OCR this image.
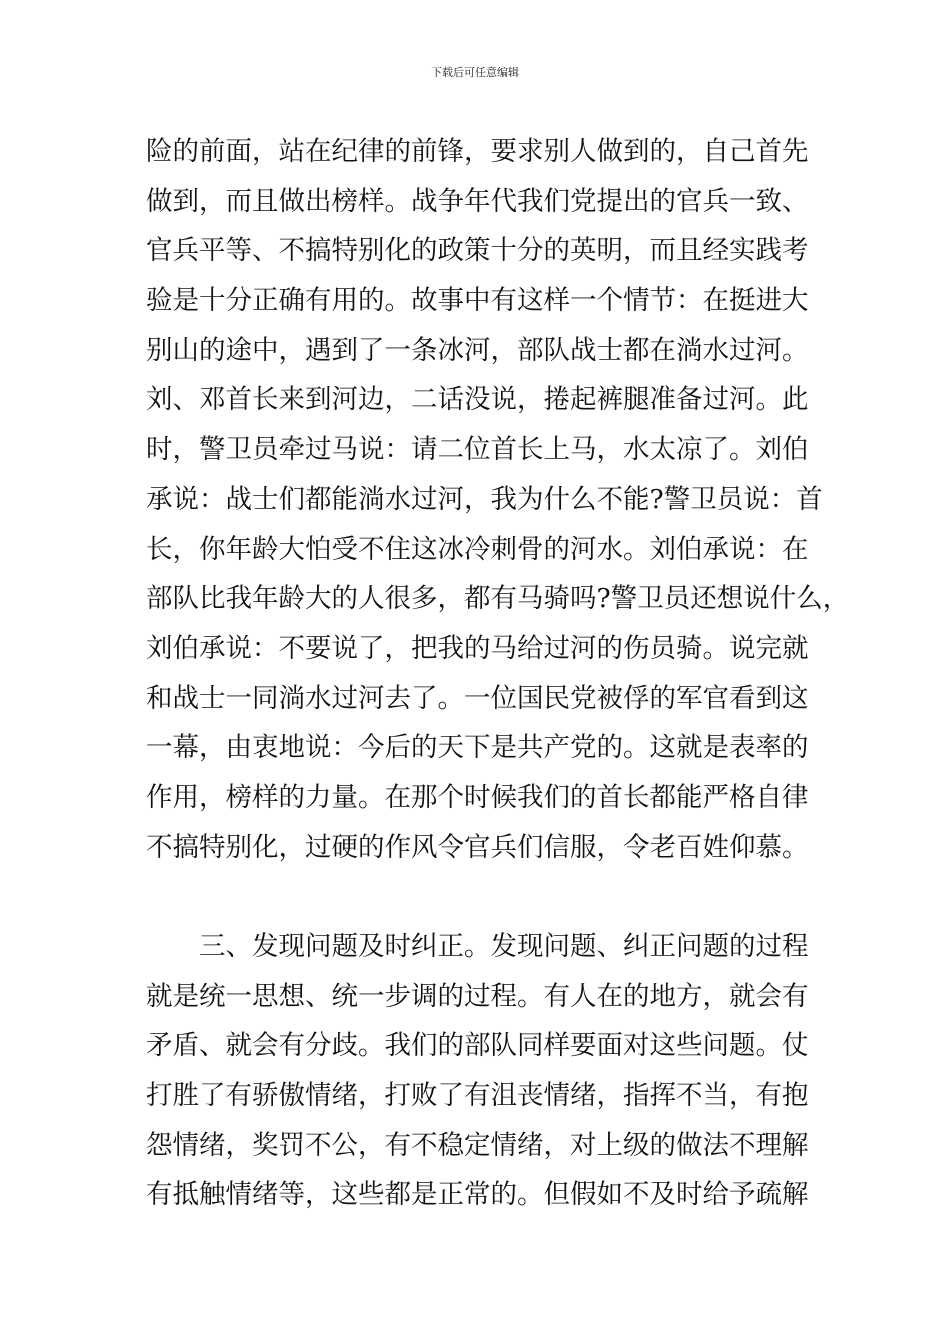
下载后可任意编辑
险的前面，站在纪律的前锋，要求别人做到的，自己首先
做到，而且做出榜样。战争年代我们党提出的官兵一致、
官兵平等、不搞特别化的政策十分的英明，而且经实践考
验是十分正确有用的。故事中有这样一个情节：在挺进大
别山的途中，遇到了一条冰河，部队战士都在淌水过河。
刘、邓首长来到河边，二话没说，捲起裤腿准备过河。此
时，警卫员牵过马说：请二位首长上马，水太凉了。刘伯
承说：战士们都能淌水过河，我为什么不能?警卫员说：首
长，你年龄大怕受不住这冰冷刺骨的河水。刘伯承说：在
部队比我年龄大的人很多，都有马骑吗?警卫员还想说什么，
刘伯承说：不要说了，把我的马给过河的伤员骑。说完就
和战士一同淌水过河去了。一位国民党被俘的军官看到这
一幕，由衷地说：今后的天下是共产党的。这就是表率的
作用，榜样的力量。在那个时候我们的首长都能严格自律
不搞特别化，过硬的作风令官兵们信服，令老百姓仰慕。
　　三、发现问题及时纠正。发现问题、纠正问题的过程
就是统一思想、统一步调的过程。有人在的地方，就会有
矛盾、就会有分歧。我们的部队同样要面对这些问题。仗
打胜了有骄傲情绪，打败了有沮丧情绪，指挥不当，有抱
怨情绪，奖罚不公，有不稳定情绪，对上级的做法不理解
有抵触情绪等，这些都是正常的。但假如不及时给予疏解
